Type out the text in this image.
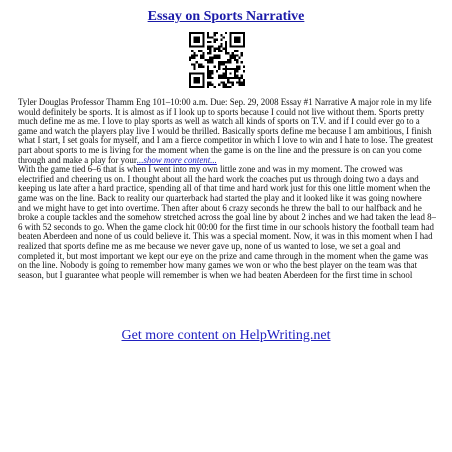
Essay on Sports Narrative

Tyler Douglas Professor Thamm Eng 101–10:00 a.m. Due: Sep. 29, 2008 Essay #1 Narrative A major role in my life would definitely be sports. It is almost as if I look up to sports because I could not live without them. Sports pretty much define me as me. I love to play sports as well as watch all kinds of sports on T.V. and if I could ever go to a game and watch the players play live I would be thrilled. Basically sports define me because I am ambitious, I finish what I start, I set goals for myself, and I am a fierce competitor in which I love to win and I hate to lose. The greatest part about sports to me is living for the moment when the game is on the line and the pressure is on can you come through and make a play for your...show more content...

With the game tied 6–6 that is when I went into my own little zone and was in my moment. The crowed was electrified and cheering us on. I thought about all the hard work the coaches put us through doing two a days and keeping us late after a hard practice, spending all of that time and hard work just for this one little moment when the game was on the line. Back to reality our quarterback had started the play and it looked like it was going nowhere and we might have to get into overtime. Then after about 6 crazy seconds he threw the ball to our halfback and he broke a couple tackles and the somehow stretched across the goal line by about 2 inches and we had taken the lead 8–6 with 52 seconds to go. When the game clock hit 00:00 for the first time in our schools history the football team had beaten Aberdeen and none of us could believe it. This was a special moment. Now, it was in this moment when I had realized that sports define me as me because we never gave up, none of us wanted to lose, we set a goal and completed it, but most important we kept our eye on the prize and came through in the moment when the game was on the line. Nobody is going to remember how many games we won or who the best player on the team was that season, but I guarantee what people will remember is when we had beaten Aberdeen for the first time in school

Get more content on HelpWriting.net
